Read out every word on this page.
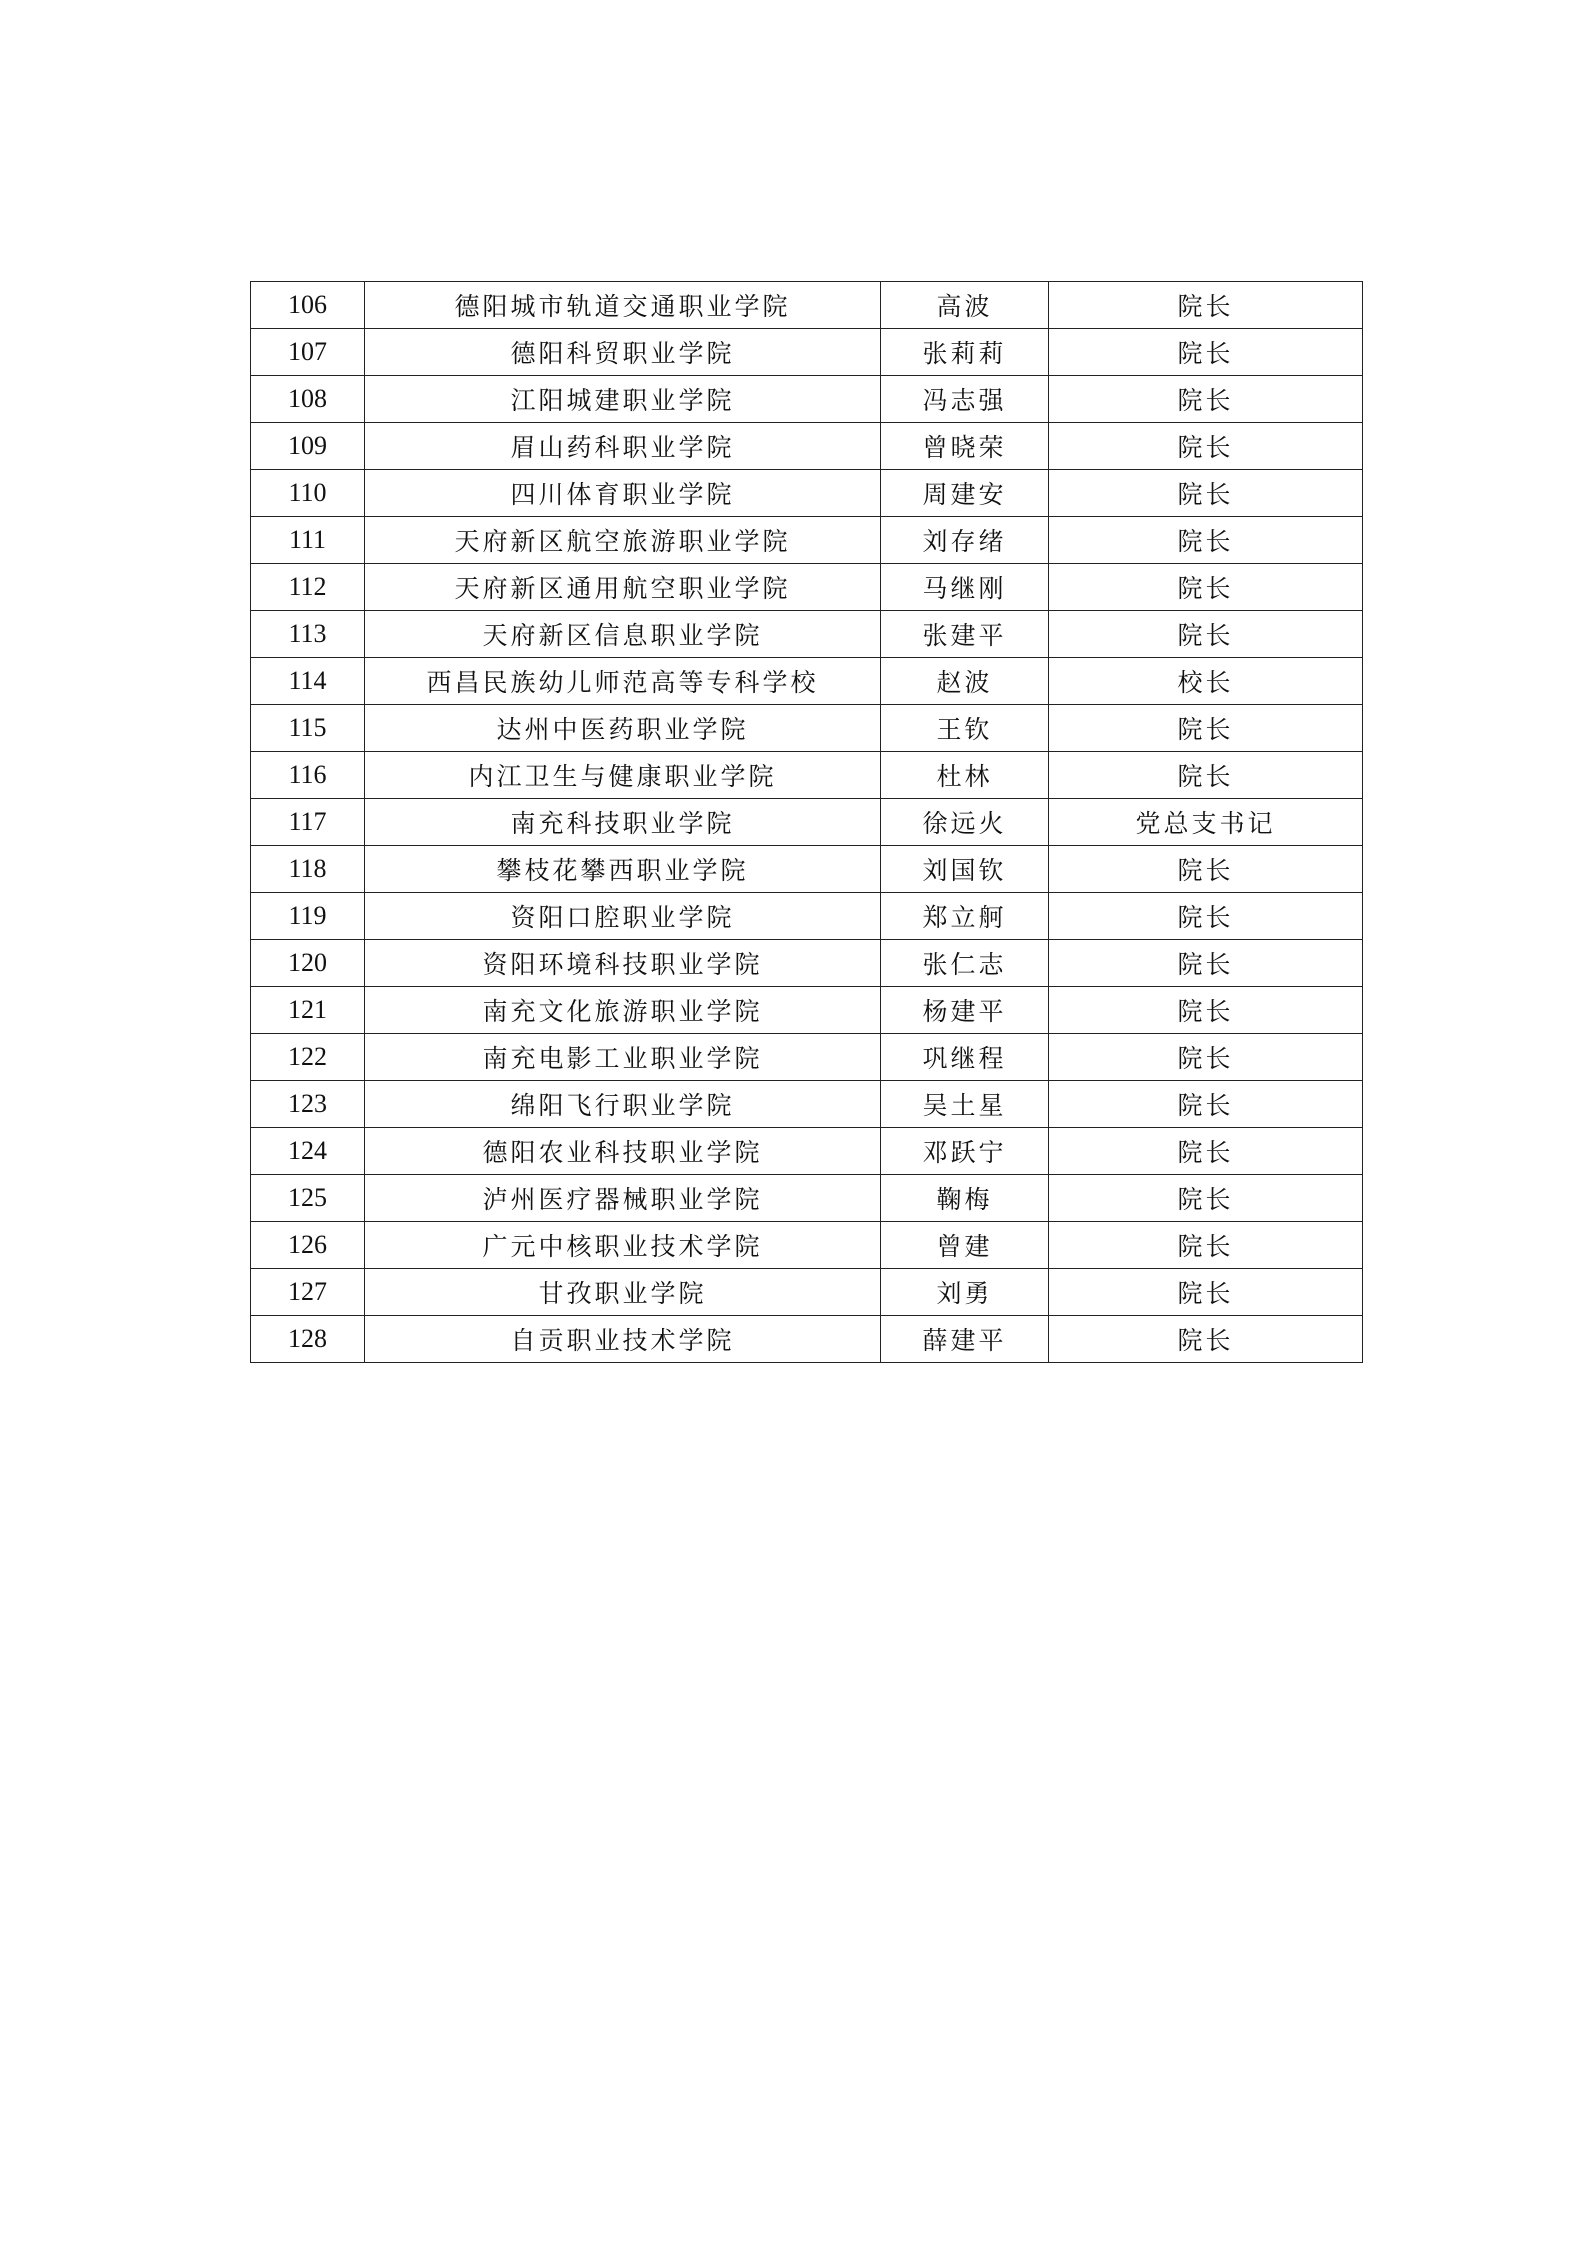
106	德阳城市轨道交通职业学院	高波	院长
107	德阳科贸职业学院	张莉莉	院长
108	江阳城建职业学院	冯志强	院长
109	眉山药科职业学院	曾晓荣	院长
110	四川体育职业学院	周建安	院长
111	天府新区航空旅游职业学院	刘存绪	院长
112	天府新区通用航空职业学院	马继刚	院长
113	天府新区信息职业学院	张建平	院长
114	西昌民族幼儿师范高等专科学校	赵波	校长
115	达州中医药职业学院	王钦	院长
116	内江卫生与健康职业学院	杜林	院长
117	南充科技职业学院	徐远火	党总支书记
118	攀枝花攀西职业学院	刘国钦	院长
119	资阳口腔职业学院	郑立舸	院长
120	资阳环境科技职业学院	张仁志	院长
121	南充文化旅游职业学院	杨建平	院长
122	南充电影工业职业学院	巩继程	院长
123	绵阳飞行职业学院	吴土星	院长
124	德阳农业科技职业学院	邓跃宁	院长
125	泸州医疗器械职业学院	鞠梅	院长
126	广元中核职业技术学院	曾建	院长
127	甘孜职业学院	刘勇	院长
128	自贡职业技术学院	薛建平	院长
